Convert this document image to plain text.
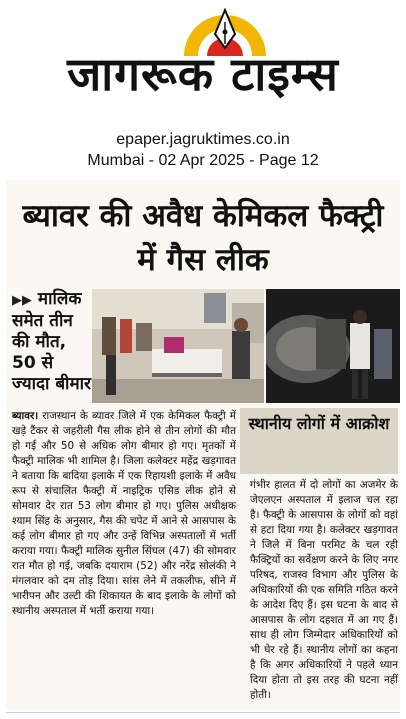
जागरूक टाइम्स
epaper.jagruktimes.co.in
Mumbai - 02 Apr 2025 - Page 12
ब्यावर की अवैध केमिकल फैक्ट्री में गैस लीक
▶▶ मालिक समेत तीन की मौत, 50 से ज्यादा बीमार
ब्यावर। राजस्थान के ब्यावर जिले में एक केमिकल फैक्ट्री में खड़े टैंकर से जहरीली गैस लीक होने से तीन लोगों की मौत हो गई और 50 से अधिक लोग बीमार हो गए। मृतकों में फैक्ट्री मालिक भी शामिल है। जिला कलेक्टर महेंद्र खड़गावत ने बताया कि बादिया इलाके में एक रिहायशी इलाके में अवैध रूप से संचालित फैक्ट्री में नाइट्रिक एसिड लीक होने से सोमवार देर रात 53 लोग बीमार हो गए। पुलिस अधीक्षक श्याम सिंह के अनुसार, गैस की चपेट में आने से आसपास के कई लोग बीमार हो गए और उन्हें विभिन्न अस्पतालों में भर्ती कराया गया। फैक्ट्री मालिक सुनील सिंघल (47) की सोमवार रात मौत हो गई, जबकि दयाराम (52) और नरेंद्र सोलंकी ने मंगलवार को दम तोड़ दिया। सांस लेने में तकलीफ, सीने में भारीपन और उल्टी की शिकायत के बाद इलाके के लोगों को स्थानीय अस्पताल में भर्ती कराया गया।
स्थानीय लोगों में आक्रोश
गंभीर हालत में दो लोगों का अजमेर के जेएलएन अस्पताल में इलाज चल रहा है। फैक्ट्री के आसपास के लोगों को वहां से हटा दिया गया है। कलेक्टर खड़गावत ने जिले में बिना परमिट के चल रही फैक्ट्रियों का सर्वेक्षण करने के लिए नगर परिषद, राजस्व विभाग और पुलिस के अधिकारियों की एक समिति गठित करने के आदेश दिए हैं। इस घटना के बाद से आसपास के लोग दहशत में आ गए हैं। साथ ही लोग जिम्मेदार अधिकारियों को भी घेर रहे हैं। स्थानीय लोगों का कहना है कि अगर अधिकारियों ने पहले ध्यान दिया होता तो इस तरह की घटना नहीं होती।
